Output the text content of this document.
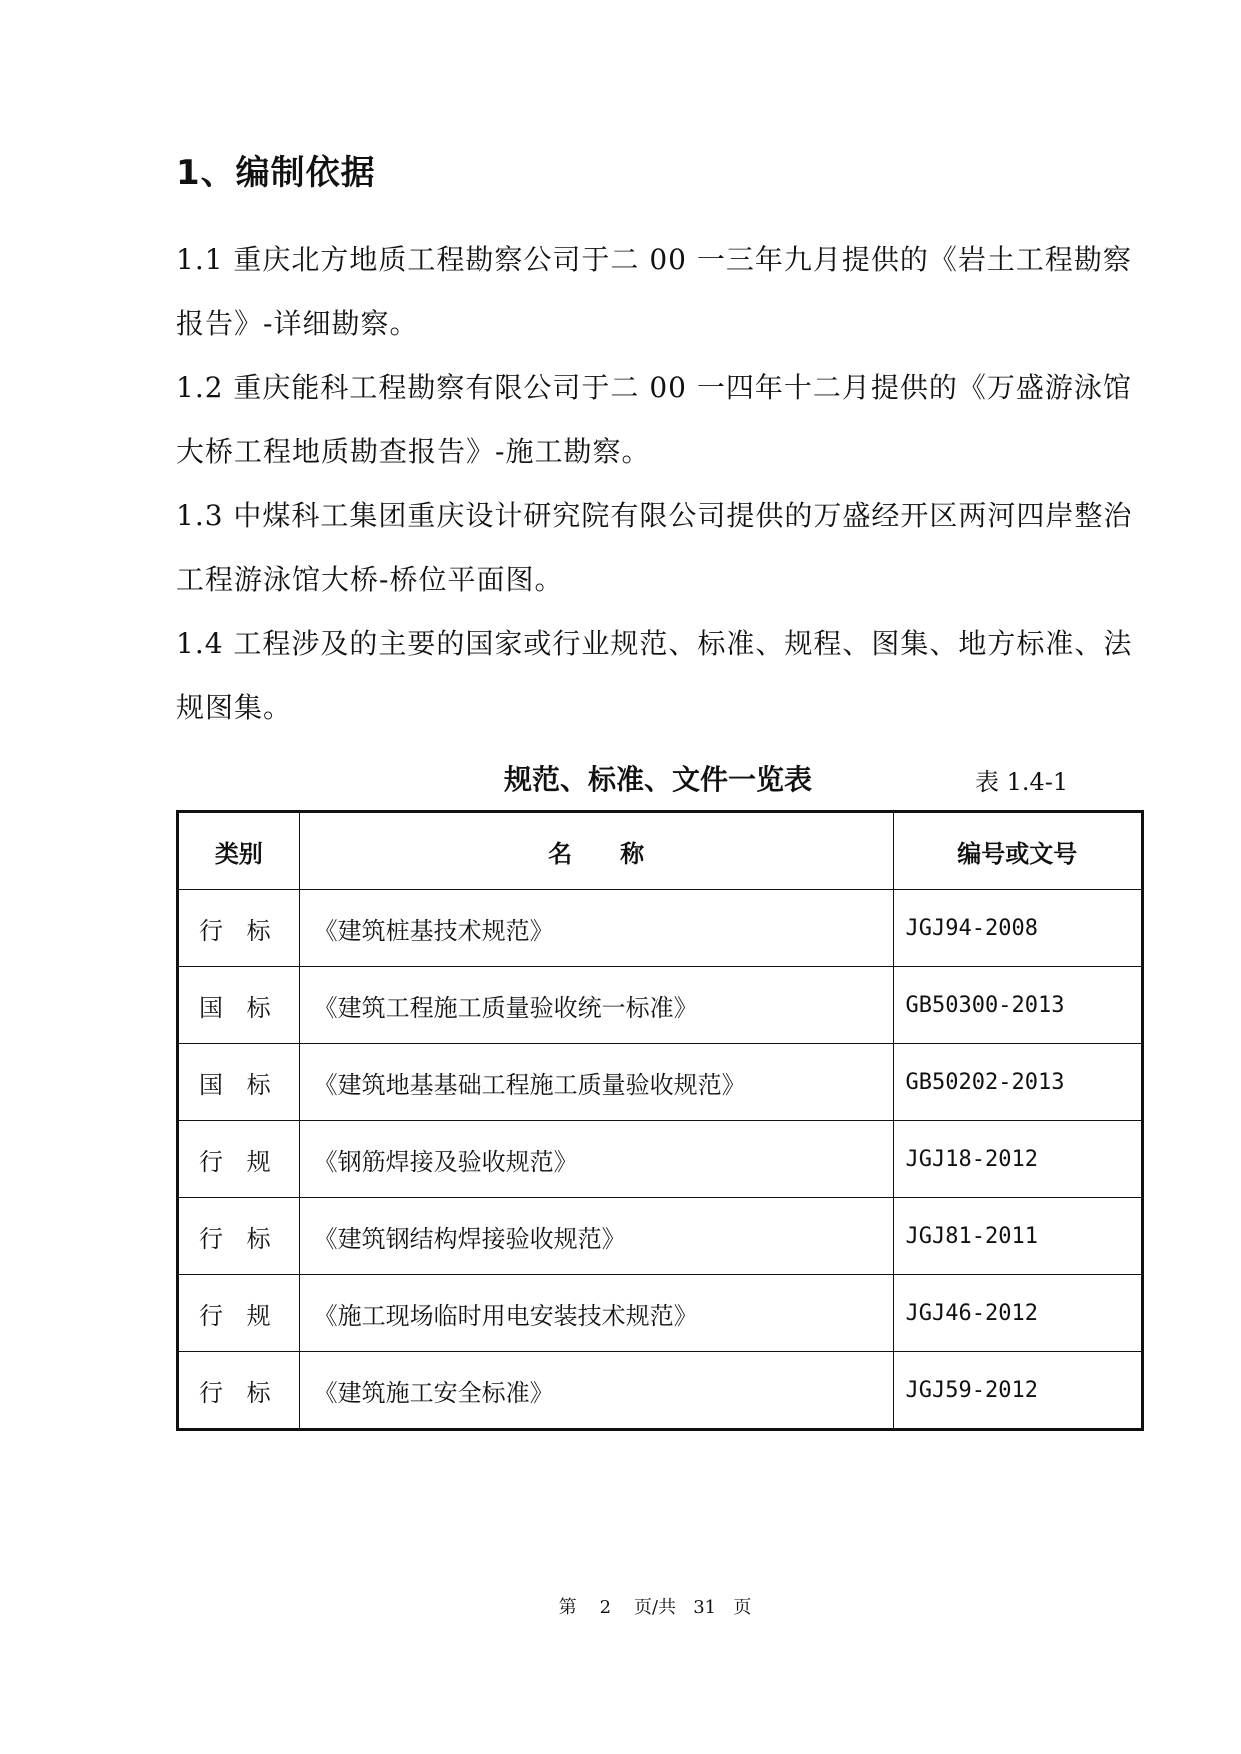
1、编制依据

1.1 重庆北方地质工程勘察公司于二 00 一三年九月提供的《岩土工程勘察报告》-详细勘察。

1.2 重庆能科工程勘察有限公司于二 00 一四年十二月提供的《万盛游泳馆大桥工程地质勘查报告》-施工勘察。

1.3 中煤科工集团重庆设计研究院有限公司提供的万盛经开区两河四岸整治工程游泳馆大桥-桥位平面图。

1.4 工程涉及的主要的国家或行业规范、标准、规程、图集、地方标准、法规图集。

规范、标准、文件一览表	表 1.4-1
类别	名　　称	编号或文号
行 标	《建筑桩基技术规范》	JGJ94-2008
国 标	《建筑工程施工质量验收统一标准》	GB50300-2013
国 标	《建筑地基基础工程施工质量验收规范》	GB50202-2013
行 规	《钢筋焊接及验收规范》	JGJ18-2012
行 标	《建筑钢结构焊接验收规范》	JGJ81-2011
行 规	《施工现场临时用电安装技术规范》	JGJ46-2012
行 标	《建筑施工安全标准》	JGJ59-2012
第 2 页/共 31 页
